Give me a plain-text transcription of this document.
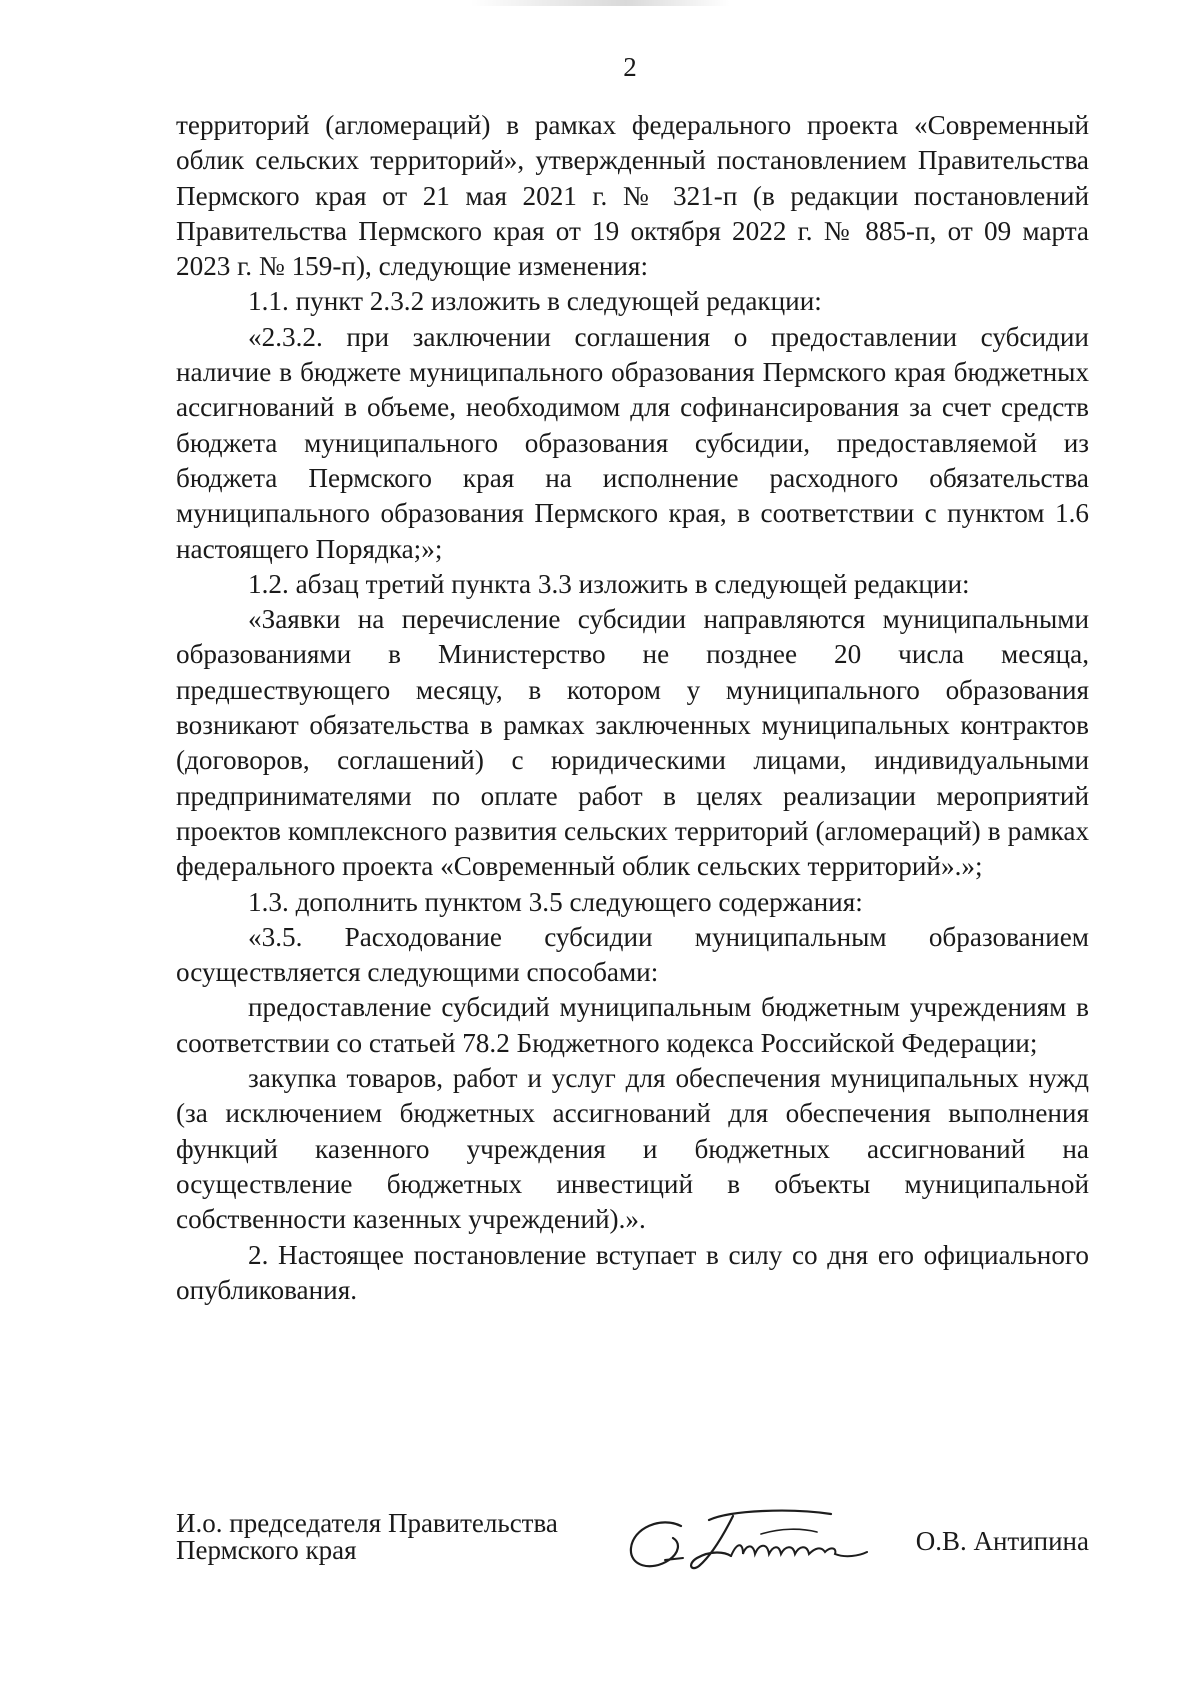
2

территорий (агломераций) в рамках федерального проекта «Современный облик сельских территорий», утвержденный постановлением Правительства Пермского края от 21 мая 2021 г. № 321-п (в редакции постановлений Правительства Пермского края от 19 октября 2022 г. № 885-п, от 09 марта 2023 г. № 159-п), следующие изменения:

1.1. пункт 2.3.2 изложить в следующей редакции:

«2.3.2. при заключении соглашения о предоставлении субсидии наличие в бюджете муниципального образования Пермского края бюджетных ассигнований в объеме, необходимом для софинансирования за счет средств бюджета муниципального образования субсидии, предоставляемой из бюджета Пермского края на исполнение расходного обязательства муниципального образования Пермского края, в соответствии с пунктом 1.6 настоящего Порядка;»;

1.2. абзац третий пункта 3.3 изложить в следующей редакции:

«Заявки на перечисление субсидии направляются муниципальными образованиями в Министерство не позднее 20 числа месяца, предшествующего месяцу, в котором у муниципального образования возникают обязательства в рамках заключенных муниципальных контрактов (договоров, соглашений) с юридическими лицами, индивидуальными предпринимателями по оплате работ в целях реализации мероприятий проектов комплексного развития сельских территорий (агломераций) в рамках федерального проекта «Современный облик сельских территорий».»;

1.3. дополнить пунктом 3.5 следующего содержания:

«3.5. Расходование субсидии муниципальным образованием осуществляется следующими способами:

предоставление субсидий муниципальным бюджетным учреждениям в соответствии со статьей 78.2 Бюджетного кодекса Российской Федерации;

закупка товаров, работ и услуг для обеспечения муниципальных нужд (за исключением бюджетных ассигнований для обеспечения выполнения функций казенного учреждения и бюджетных ассигнований на осуществление бюджетных инвестиций в объекты муниципальной собственности казенных учреждений).».

2. Настоящее постановление вступает в силу со дня его официального опубликования.

И.о. председателя Правительства
Пермского края	О.В. Антипина
